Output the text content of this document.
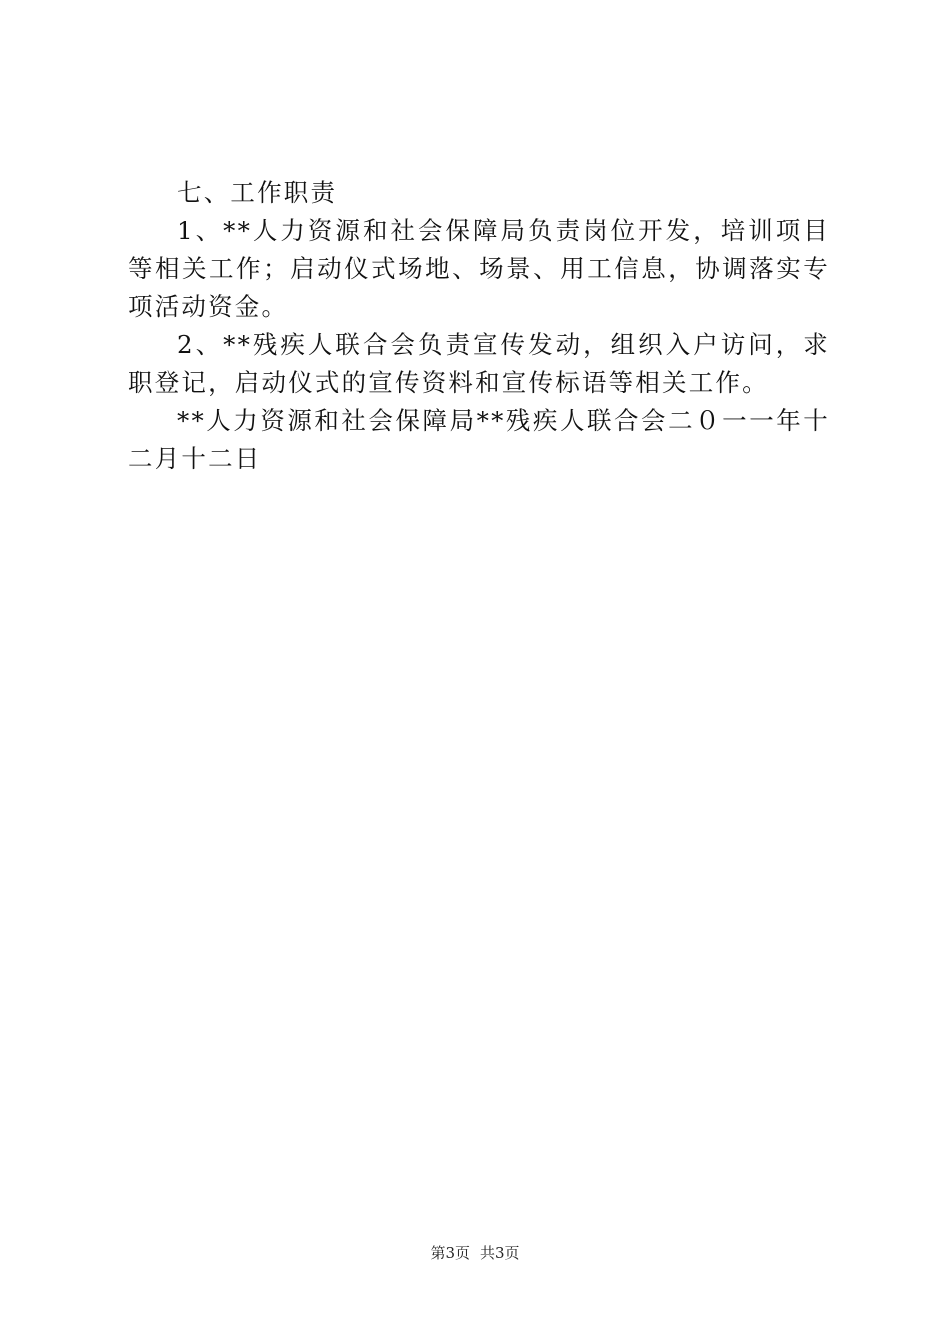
七、工作职责

1、**人力资源和社会保障局负责岗位开发，培训项目等相关工作；启动仪式场地、场景、用工信息，协调落实专项活动资金。

2、**残疾人联合会负责宣传发动，组织入户访问，求职登记，启动仪式的宣传资料和宣传标语等相关工作。

**人力资源和社会保障局**残疾人联合会二０一一年十二月十二日

第3页 共3页
